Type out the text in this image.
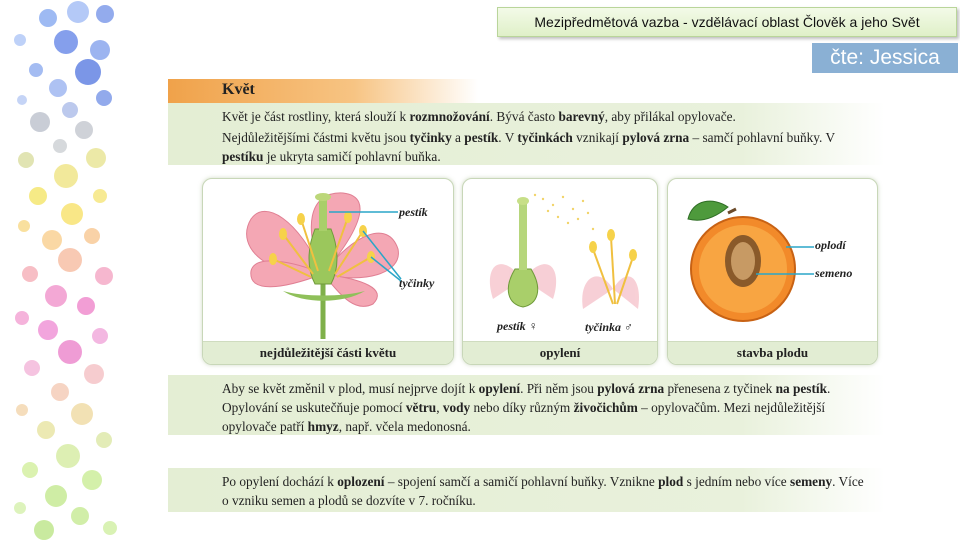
Mezipředmětová vazba - vzdělávací oblast Člověk a jeho Svět
čte: Jessica
Květ
Květ je část rostliny, která slouží k rozmnožování. Bývá často barevný, aby přilákal opylovače.
Nejdůležitějšími částmi květu jsou tyčinky a pestík. V tyčinkách vznikají pylová zrna – samčí pohlavní buňky. V pestíku je ukryta samičí pohlavní buňka.
pestík
tyčinky
nejdůležitější části květu
pestík ♀	tyčinka ♂
opylení
oplodí
semeno
stavba plodu
Aby se květ změnil v plod, musí nejprve dojít k opylení. Při něm jsou pylová zrna přenesena z tyčinek na pestík. Opylování se uskutečňuje pomocí větru, vody nebo díky různým živočichům – opylovačům. Mezi nejdůležitější opylovače patří hmyz, např. včela medonosná.
Po opylení dochází k oplození – spojení samčí a samičí pohlavní buňky. Vznikne plod s jedním nebo více semeny. Více o vzniku semen a plodů se dozvíte v 7. ročníku.
